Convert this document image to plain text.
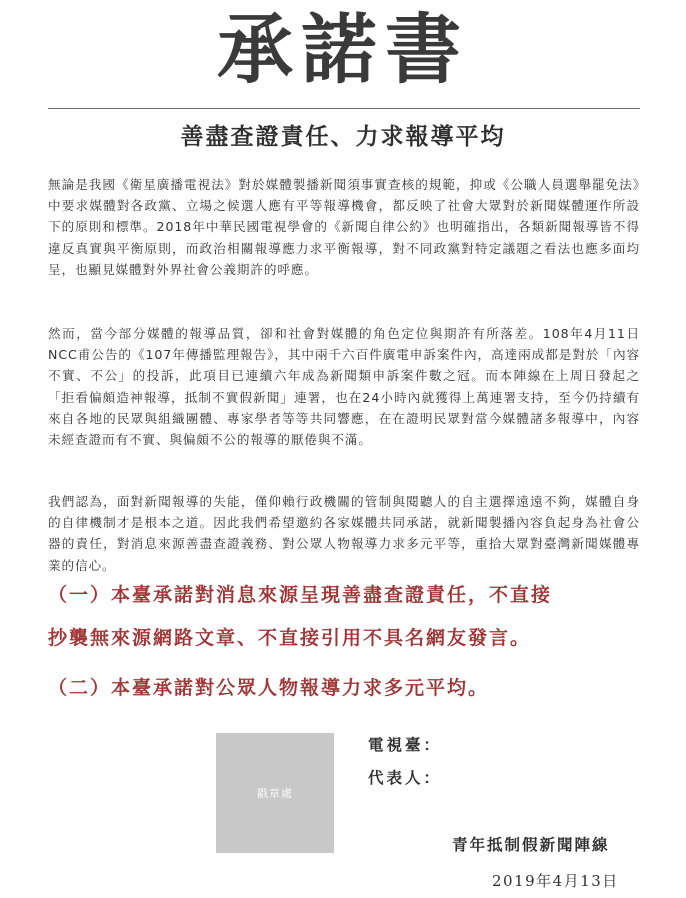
承諾書
善盡查證責任、力求報導平均
無論是我國《衛星廣播電視法》對於媒體製播新聞須事實查核的規範，抑或《公職人員選舉罷免法》中要求媒體對各政黨、立場之候選人應有平等報導機會，都反映了社會大眾對於新聞媒體運作所設下的原則和標準。2018年中華民國電視學會的《新聞自律公約》也明確指出，各類新聞報導皆不得違反真實與平衡原則，而政治相關報導應力求平衡報導，對不同政黨對特定議題之看法也應多面均呈，也顯見媒體對外界社會公義期許的呼應。
然而，當今部分媒體的報導品質，卻和社會對媒體的角色定位與期許有所落差。108年4月11日NCC甫公告的《107年傳播監理報告》，其中兩千六百件廣電申訴案件內，高達兩成都是對於「內容不實、不公」的投訴，此項目已連續六年成為新聞類申訴案件數之冠。而本陣線在上周日發起之「拒看偏頗造神報導，抵制不實假新聞」連署，也在24小時內就獲得上萬連署支持，至今仍持續有來自各地的民眾與組織團體、專家學者等等共同響應，在在證明民眾對當今媒體諸多報導中，內容未經查證而有不實、與偏頗不公的報導的厭倦與不滿。
我們認為，面對新聞報導的失能，僅仰賴行政機關的管制與閱聽人的自主選擇遠遠不夠，媒體自身的自律機制才是根本之道。因此我們希望邀約各家媒體共同承諾，就新聞製播內容負起身為社會公器的責任，對消息來源善盡查證義務、對公眾人物報導力求多元平等，重拾大眾對臺灣新聞媒體專業的信心。
（一）本臺承諾對消息來源呈現善盡查證責任，不直接
抄襲無來源網路文章、不直接引用不具名網友發言。
（二）本臺承諾對公眾人物報導力求多元平均。
戳章處
電視臺：
代表人：
青年抵制假新聞陣線
2019年4月13日
